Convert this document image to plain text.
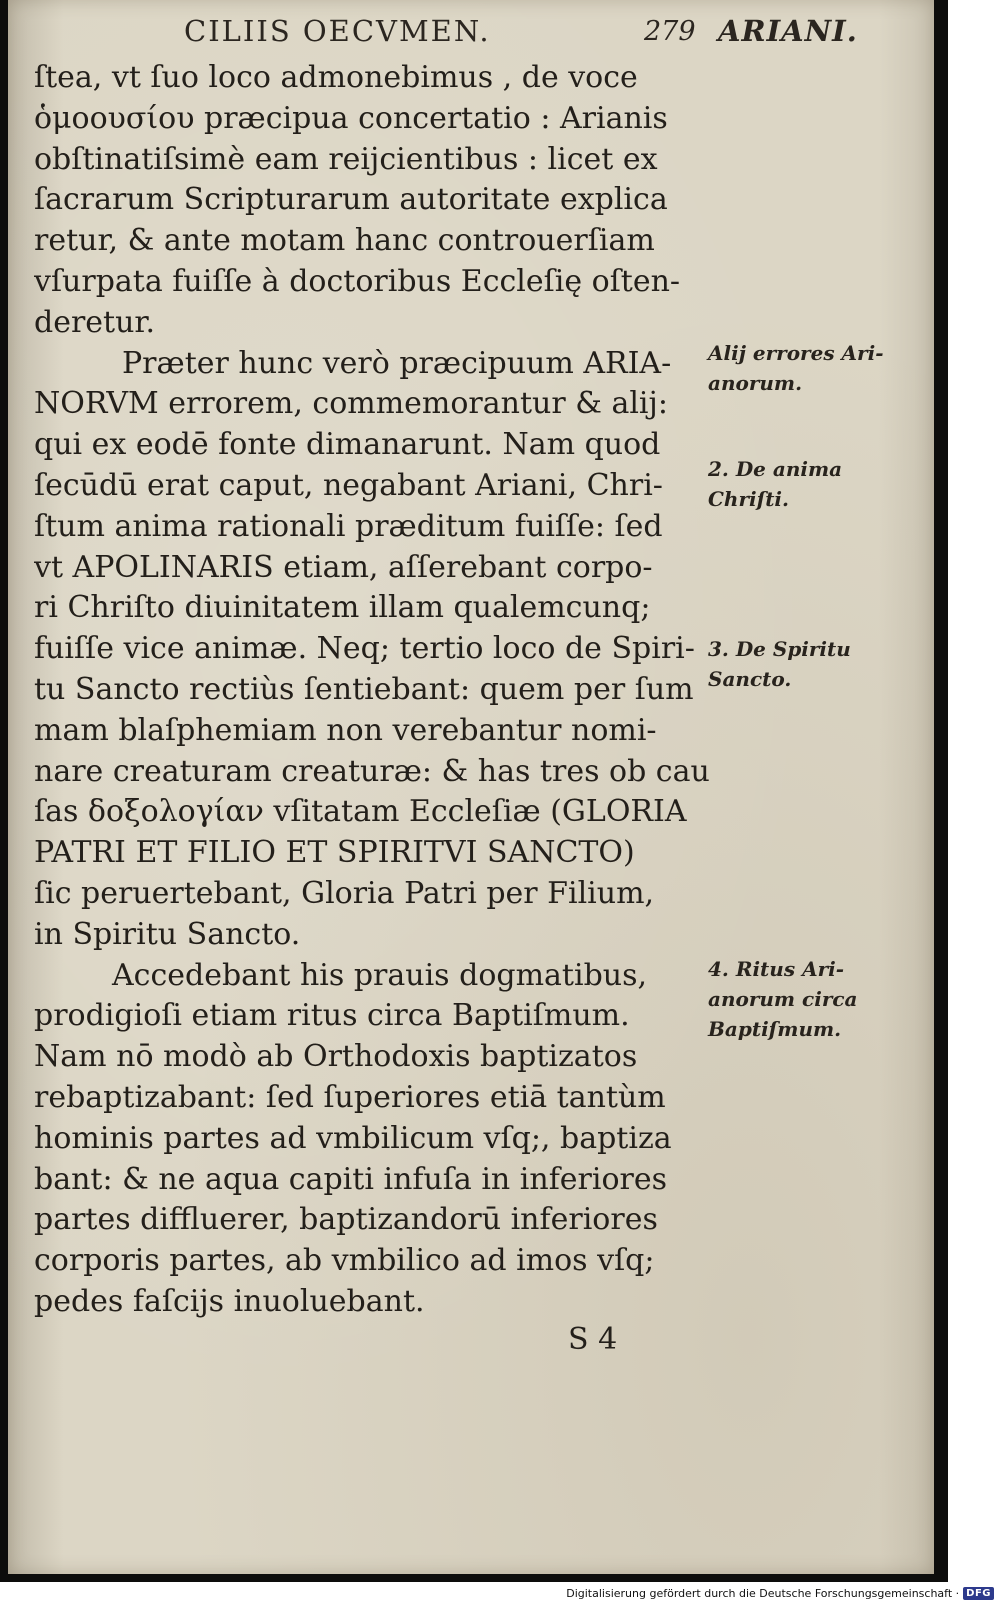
CILIIS OECVMEN.	279 ARIANI.
ſtea, vt ſuo loco admonebimus , de voce
ὁμοουσίου præcipua concertatio : Arianis
obſtinatiſsimè eam reijcientibus : licet ex
ſacrarum Scripturarum autoritate explica
retur, & ante motam hanc controuerſiam
vſurpata fuiſſe à doctoribus Eccleſię oſten-
deretur.
Præter hunc verò præcipuum ARIA-
NORVM errorem, commemorantur & alij:
qui ex eodē fonte dimanarunt. Nam quod
ſecūdū erat caput, negabant Ariani, Chri-
ſtum anima rationali præditum fuiſſe: ſed
vt APOLINARIS etiam, aſſerebant corpo-
ri Chriſto diuinitatem illam qualemcunq;
fuiſſe vice animæ. Neq; tertio loco de Spiri-
tu Sancto rectiùs ſentiebant: quem per ſum
mam blaſphemiam non verebantur nomi-
nare creaturam creaturæ: & has tres ob cau
ſas δοξολογίαν vſitatam Eccleſiæ (GLORIA
PATRI ET FILIO ET SPIRITVI SANCTO)
ſic peruertebant, Gloria Patri per Filium,
in Spiritu Sancto.
Accedebant his prauis dogmatibus,
prodigioſi etiam ritus circa Baptiſmum.
Nam nō modò ab Orthodoxis baptizatos
rebaptizabant: ſed ſuperiores etiā tantùm
hominis partes ad vmbilicum vſq;, baptiza
bant: & ne aqua capiti infuſa in inferiores
partes diffluerer, baptizandorū inferiores
corporis partes, ab vmbilico ad imos vſq;
pedes faſcijs inuoluebant.
Alij errores Ari-
anorum.
2. De anima
Chriſti.
3. De Spiritu
Sancto.
4. Ritus Ari-
anorum circa
Baptiſmum.
S 4
Digitalisierung gefördert durch die Deutsche Forschungsgemeinschaft · DFG
